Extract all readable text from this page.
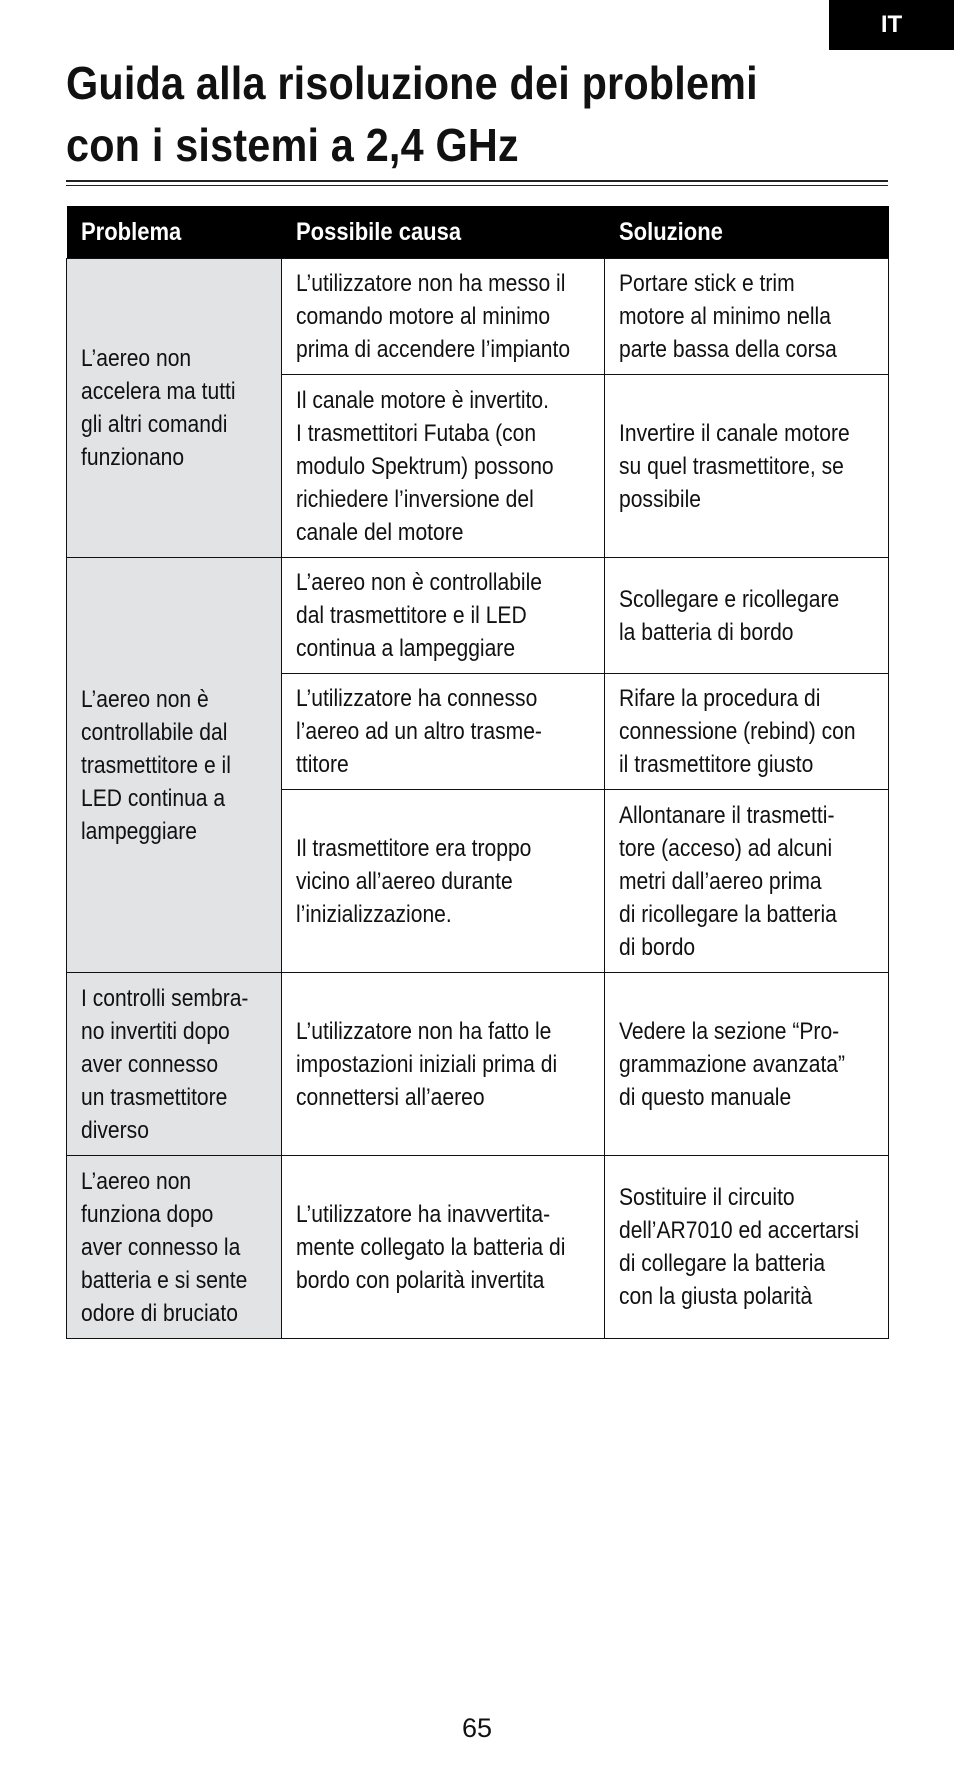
IT
Guida alla risoluzione dei problemi con i sistemi a 2,4 GHz
Problema	Possibile causa	Soluzione

L’aereo non
accelera ma tutti
gli altri comandi
funzionano	L’utilizzatore non ha messo il
comando motore al minimo
prima di accendere l’impianto	Portare stick e trim
motore al minimo nella
parte bassa della corsa

	Il canale motore è invertito.
I trasmettitori Futaba (con
modulo Spektrum) possono
richiedere l’inversione del
canale del motore	Invertire il canale motore
su quel trasmettitore, se
possibile

L’aereo non è
controllabile dal
trasmettitore e il
LED continua a
lampeggiare	L’aereo non è controllabile
dal trasmettitore e il LED
continua a lampeggiare	Scollegare e ricollegare
la batteria di bordo

	L’utilizzatore ha connesso
l’aereo ad un altro trasme-
ttitore	Rifare la procedura di
connessione (rebind) con
il trasmettitore giusto

	Il trasmettitore era troppo
vicino all’aereo durante
l’inizializzazione.	Allontanare il trasmetti-
tore (acceso) ad alcuni
metri dall’aereo prima
di ricollegare la batteria
di bordo

I controlli sembra-
no invertiti dopo
aver connesso
un trasmettitore
diverso	L’utilizzatore non ha fatto le
impostazioni iniziali prima di
connettersi all’aereo	Vedere la sezione “Pro-
grammazione avanzata”
di questo manuale

L’aereo non
funziona dopo
aver connesso la
batteria e si sente
odore di bruciato	L’utilizzatore ha inavvertita-
mente collegato la batteria di
bordo con polarità invertita	Sostituire il circuito
dell’AR7010 ed accertarsi
di collegare la batteria
con la giusta polarità
65
